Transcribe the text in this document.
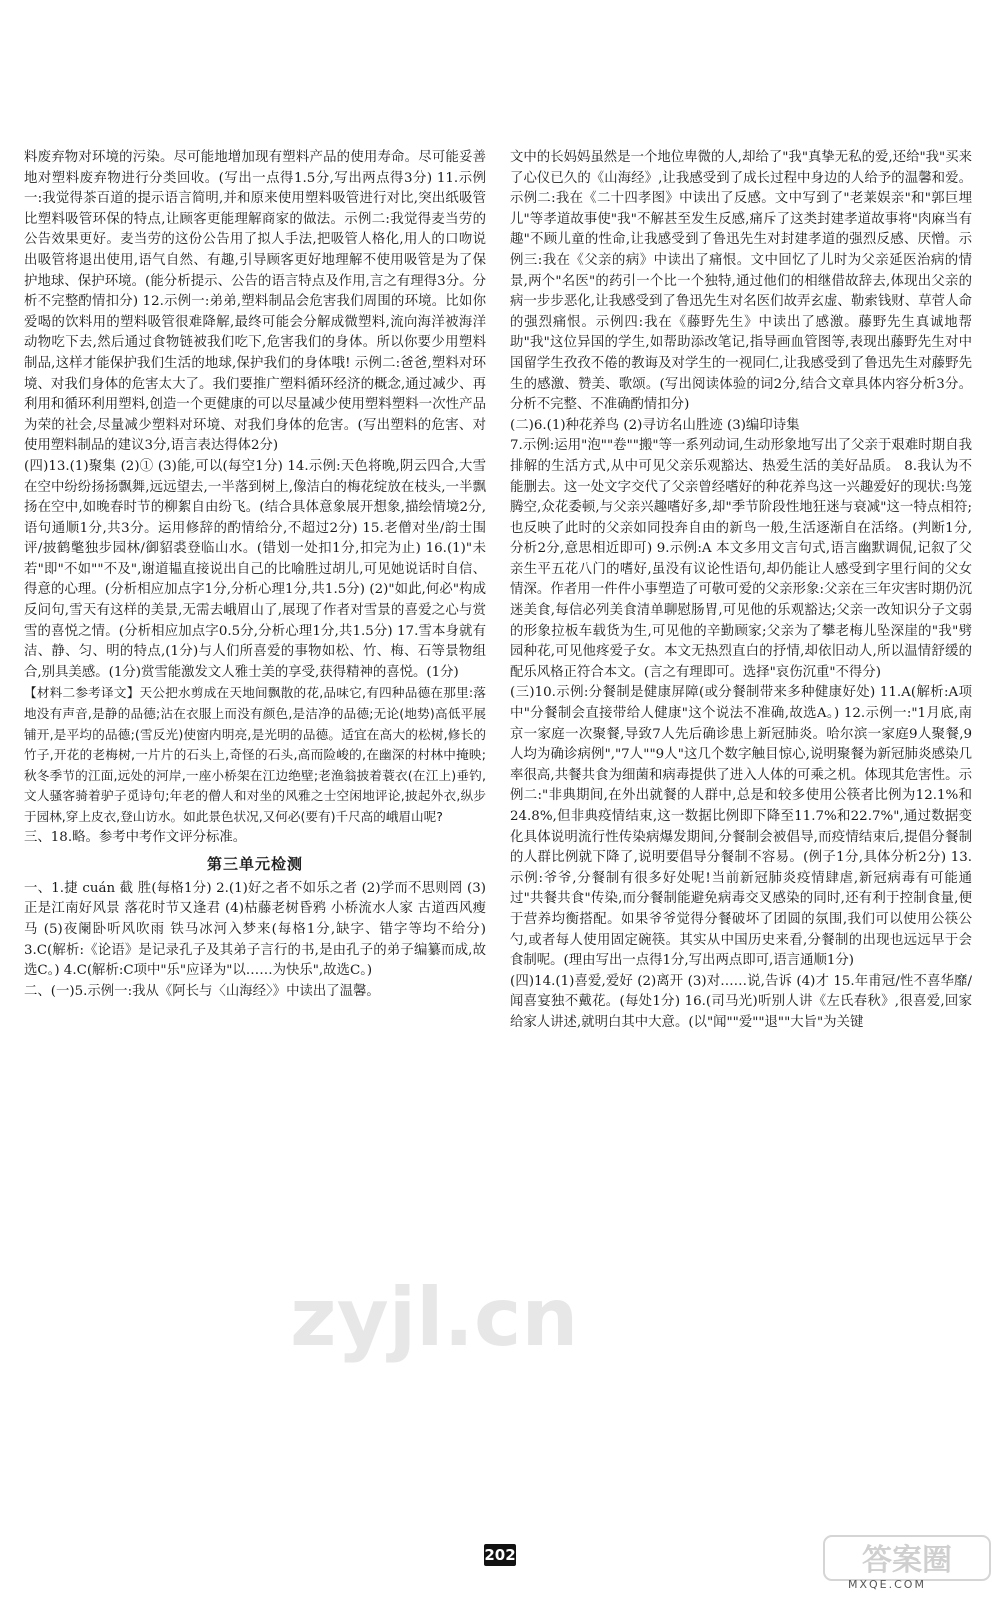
料废弃物对环境的污染。尽可能地增加现有塑料产品的使用寿命。尽可能妥善地对塑料废弃物进行分类回收。(写出一点得1.5分,写出两点得3分) 11.示例一:我觉得茶百道的提示语言简明,并和原来使用塑料吸管进行对比,突出纸吸管比塑料吸管环保的特点,让顾客更能理解商家的做法。示例二:我觉得麦当劳的公告效果更好。麦当劳的这份公告用了拟人手法,把吸管人格化,用人的口吻说出吸管将退出使用,语气自然、有趣,引导顾客更好地理解不使用吸管是为了保护地球、保护环境。(能分析提示、公告的语言特点及作用,言之有理得3分。分析不完整酌情扣分) 12.示例一:弟弟,塑料制品会危害我们周围的环境。比如你爱喝的饮料用的塑料吸管很难降解,最终可能会分解成微塑料,流向海洋被海洋动物吃下去,然后通过食物链被我们吃下,危害我们的身体。所以你要少用塑料制品,这样才能保护我们生活的地球,保护我们的身体哦! 示例二:爸爸,塑料对环境、对我们身体的危害太大了。我们要推广塑料循环经济的概念,通过减少、再利用和循环利用塑料,创造一个更健康的可以尽量减少使用塑料塑料一次性产品为荣的社会,尽量减少塑料对环境、对我们身体的危害。(写出塑料的危害、对使用塑料制品的建议3分,语言表达得体2分)

(四)13.(1)聚集 (2)① (3)能,可以(每空1分) 14.示例:天色将晚,阴云四合,大雪在空中纷纷扬扬飘舞,远远望去,一半落到树上,像洁白的梅花绽放在枝头,一半飘扬在空中,如晚春时节的柳絮自由纷飞。(结合具体意象展开想象,描绘情境2分,语句通顺1分,共3分。运用修辞的酌情给分,不超过2分) 15.老僧对坐/韵士围评/披鹤氅独步园林/御貂裘登临山水。(错划一处扣1分,扣完为止) 16.(1)"未若"即"不如""不及",谢道韫直接说出自己的比喻胜过胡儿,可见她说话时自信、得意的心理。(分析相应加点字1分,分析心理1分,共1.5分) (2)"如此,何必"构成反问句,雪天有这样的美景,无需去峨眉山了,展现了作者对雪景的喜爱之心与赏雪的喜悦之情。(分析相应加点字0.5分,分析心理1分,共1.5分) 17.雪本身就有洁、静、匀、明的特点,(1分)与人们所喜爱的事物如松、竹、梅、石等景物组合,别具美感。(1分)赏雪能激发文人雅士美的享受,获得精神的喜悦。(1分)

【材料二参考译文】天公把水剪成在天地间飘散的花,品味它,有四种品德在那里:落地没有声音,是静的品德;沾在衣服上而没有颜色,是洁净的品德;无论(地势)高低平展铺开,是平均的品德;(雪反光)使窗内明亮,是光明的品德。适宜在高大的松树,修长的竹子,开花的老梅树,一片片的石头上,奇怪的石头,高而险峻的,在幽深的村林中掩映;秋冬季节的江面,远处的河岸,一座小桥架在江边绝壁;老渔翁披着蓑衣(在江上)垂钓,文人骚客骑着驴子觅诗句;年老的僧人和对坐的风雅之士空闲地评论,披起外衣,纵步于园林,穿上皮衣,登山访水。如此景色状况,又何必(要有)千尺高的峨眉山呢?

三、18.略。参考中考作文评分标准。

第三单元检测

一、1.捷 cuán 截 胜(每格1分) 2.(1)好之者不如乐之者 (2)学而不思则罔 (3)正是江南好风景 落花时节又逢君 (4)枯藤老树昏鸦 小桥流水人家 古道西风瘦马 (5)夜阑卧听风吹雨 铁马冰河入梦来(每格1分,缺字、错字等均不给分) 3.C(解析:《论语》是记录孔子及其弟子言行的书,是由孔子的弟子编纂而成,故选C。) 4.C(解析:C项中"乐"应译为"以……为快乐",故选C。)

二、(一)5.示例一:我从《阿长与〈山海经〉》中读出了温馨。

文中的长妈妈虽然是一个地位卑微的人,却给了"我"真挚无私的爱,还给"我"买来了心仪已久的《山海经》,让我感受到了成长过程中身边的人给予的温馨和爱。示例二:我在《二十四孝图》中读出了反感。文中写到了"老莱娱亲"和"郭巨埋儿"等孝道故事使"我"不解甚至发生反感,痛斥了这类封建孝道故事将"肉麻当有趣"不顾儿童的性命,让我感受到了鲁迅先生对封建孝道的强烈反感、厌憎。示例三:我在《父亲的病》中读出了痛恨。文中回忆了儿时为父亲延医治病的情景,两个"名医"的药引一个比一个独特,通过他们的相继借故辞去,体现出父亲的病一步步恶化,让我感受到了鲁迅先生对名医们故弄玄虚、勒索钱财、草菅人命的强烈痛恨。示例四:我在《藤野先生》中读出了感激。藤野先生真诚地帮助"我"这位异国的学生,如帮助添改笔记,指导画血管图等,表现出藤野先生对中国留学生孜孜不倦的教诲及对学生的一视同仁,让我感受到了鲁迅先生对藤野先生的感激、赞美、歌颂。(写出阅读体验的词2分,结合文章具体内容分析3分。分析不完整、不准确酌情扣分)

(二)6.(1)种花养鸟 (2)寻访名山胜迹 (3)编印诗集

7.示例:运用"泡""卷""搬"等一系列动词,生动形象地写出了父亲于艰难时期自我排解的生活方式,从中可见父亲乐观豁达、热爱生活的美好品质。 8.我认为不能删去。这一处文字交代了父亲曾经嗜好的种花养鸟这一兴趣爱好的现状:鸟笼腾空,众花委顿,与父亲兴趣嗜好多,却"季节阶段性地狂迷与衰减"这一特点相符;也反映了此时的父亲如同投奔自由的新鸟一般,生活逐渐自在活络。(判断1分,分析2分,意思相近即可) 9.示例:A 本文多用文言句式,语言幽默调侃,记叙了父亲生平五花八门的嗜好,虽没有议论性语句,却仍能让人感受到字里行间的父女情深。作者用一件件小事塑造了可敬可爱的父亲形象:父亲在三年灾害时期仍沉迷美食,每信必列美食清单聊慰肠胃,可见他的乐观豁达;父亲一改知识分子文弱的形象拉板车载货为生,可见他的辛勤顾家;父亲为了攀老梅儿坠深崖的"我"劈园种花,可见他疼爱子女。本文无热烈直白的抒情,却依旧动人,所以温情舒缓的配乐风格正符合本文。(言之有理即可。选择"哀伤沉重"不得分)

(三)10.示例:分餐制是健康屏障(或分餐制带来多种健康好处) 11.A(解析:A项中"分餐制会直接带给人健康"这个说法不准确,故选A。) 12.示例一:"1月底,南京一家庭一次聚餐,导致7人先后确诊患上新冠肺炎。哈尔滨一家庭9人聚餐,9人均为确诊病例","7人""9人"这几个数字触目惊心,说明聚餐为新冠肺炎感染几率很高,共餐共食为细菌和病毒提供了进入人体的可乘之机。体现其危害性。示例二:"非典期间,在外出就餐的人群中,总是和较多使用公筷者比例为12.1%和24.8%,但非典疫情结束,这一数据比例即下降至11.7%和22.7%",通过数据变化具体说明流行性传染病爆发期间,分餐制会被倡导,而疫情结束后,提倡分餐制的人群比例就下降了,说明要倡导分餐制不容易。(例子1分,具体分析2分) 13.示例:爷爷,分餐制有很多好处呢!当前新冠肺炎疫情肆虐,新冠病毒有可能通过"共餐共食"传染,而分餐制能避免病毒交叉感染的同时,还有利于控制食量,便于营养均衡搭配。如果爷爷觉得分餐破坏了团圆的氛围,我们可以使用公筷公勺,或者每人使用固定碗筷。其实从中国历史来看,分餐制的出现也远远早于会食制呢。(理由写出一点得1分,写出两点即可,语言通顺1分)

(四)14.(1)喜爱,爱好 (2)离开 (3)对……说,告诉 (4)才 15.年甫冠/性不喜华靡/闻喜宴独不戴花。(每处1分) 16.(司马光)听别人讲《左氏春秋》,很喜爱,回家给家人讲述,就明白其中大意。(以"闻""爱""退""大旨"为关键

zyjl.cn
202	答案圈
MXQE.COM
